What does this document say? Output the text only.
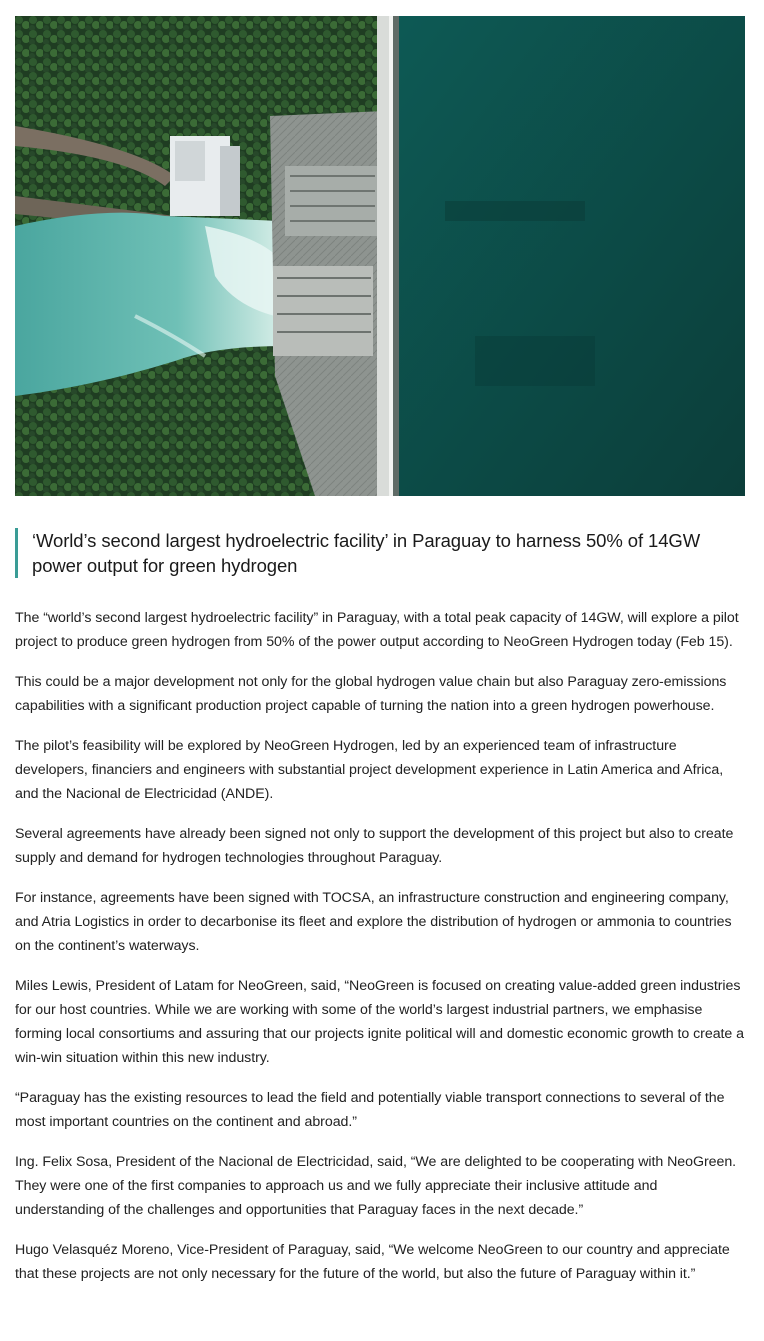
‘World’s second largest hydroelectric facility’ in Paraguay to harness 50% of 14GW power output for green hydrogen

The “world’s second largest hydroelectric facility” in Paraguay, with a total peak capacity of 14GW, will explore a pilot project to produce green hydrogen from 50% of the power output according to NeoGreen Hydrogen today (Feb 15).

This could be a major development not only for the global hydrogen value chain but also Paraguay zero-emissions capabilities with a significant production project capable of turning the nation into a green hydrogen powerhouse.

The pilot’s feasibility will be explored by NeoGreen Hydrogen, led by an experienced team of infrastructure developers, financiers and engineers with substantial project development experience in Latin America and Africa, and the Nacional de Electricidad (ANDE).

Several agreements have already been signed not only to support the development of this project but also to create supply and demand for hydrogen technologies throughout Paraguay.

For instance, agreements have been signed with TOCSA, an infrastructure construction and engineering company, and Atria Logistics in order to decarbonise its fleet and explore the distribution of hydrogen or ammonia to countries on the continent’s waterways.

Miles Lewis, President of Latam for NeoGreen, said, “NeoGreen is focused on creating value-added green industries for our host countries. While we are working with some of the world’s largest industrial partners, we emphasise forming local consortiums and assuring that our projects ignite political will and domestic economic growth to create a win-win situation within this new industry.

“Paraguay has the existing resources to lead the field and potentially viable transport connections to several of the most important countries on the continent and abroad.”

Ing. Felix Sosa, President of the Nacional de Electricidad, said, “We are delighted to be cooperating with NeoGreen. They were one of the first companies to approach us and we fully appreciate their inclusive attitude and understanding of the challenges and opportunities that Paraguay faces in the next decade.”

Hugo Velasquéz Moreno, Vice-President of Paraguay, said, “We welcome NeoGreen to our country and appreciate that these projects are not only necessary for the future of the world, but also the future of Paraguay within it.”
